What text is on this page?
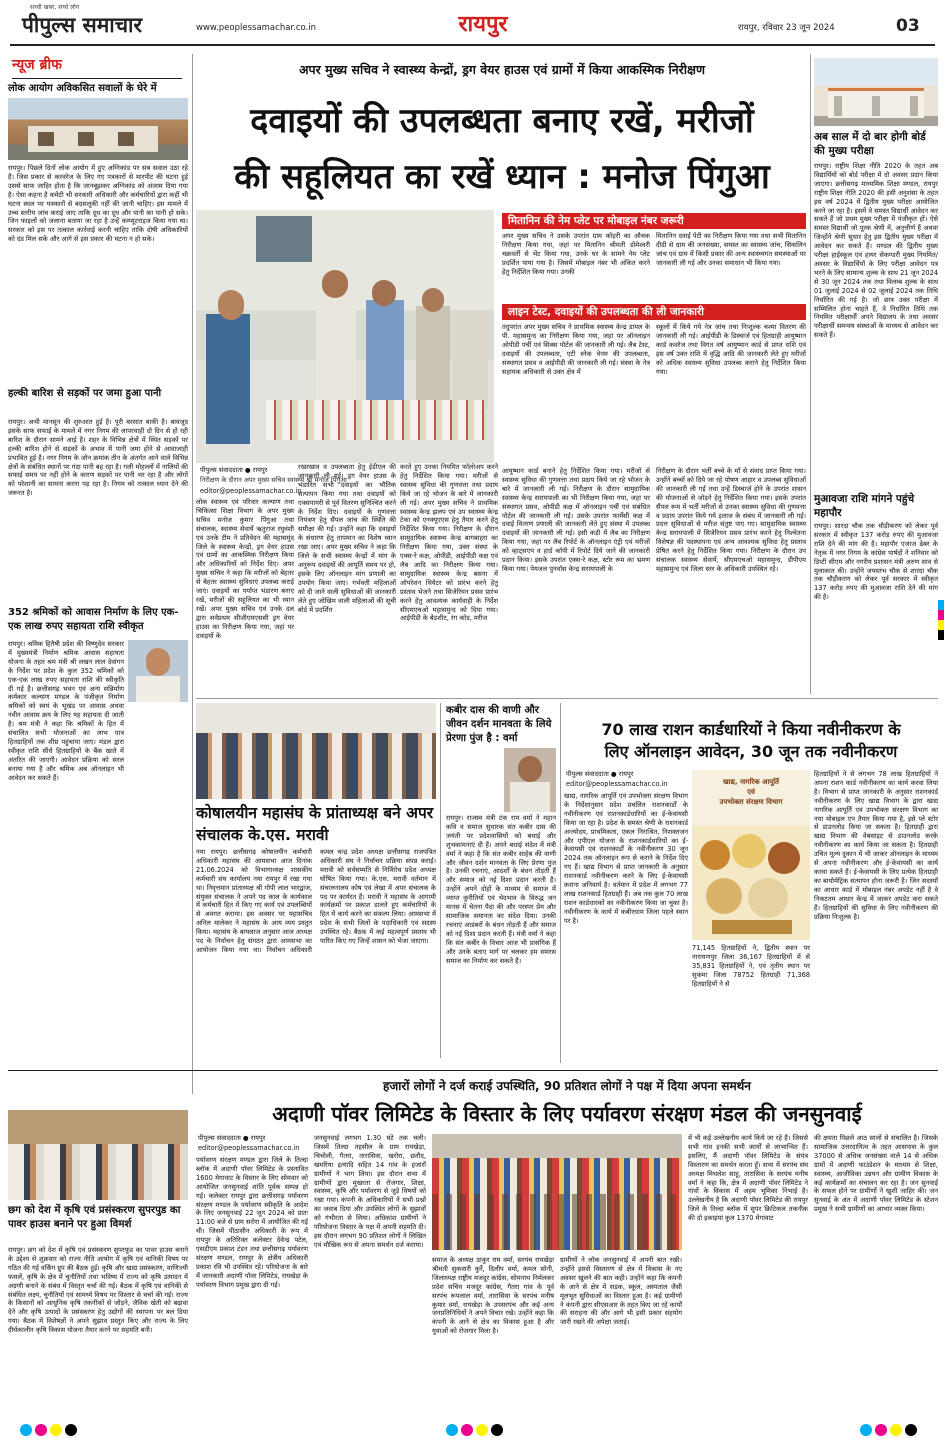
सच्ची खबर, सच्चे लोग
पीपुल्स समाचार	www.peoplessamachar.co.in	रायपुर	रायपुर, रविवार 23 जून 2024	03
न्यूज ब्रीफ
लोक आयोग अविकसित सवालों के घेरे में
रायपुर। पिछले दिनों लोक आयोग में हुए अग्निकांड पर सब सवाल उठा रहे हैं। जिस प्रकार से करवरेज के लिए गए पत्रकारों से मारपीट की घटना हुई उससे साफ जाहिर होता है कि जानबूझकर अग्निकांड को अंजाम दिया गया है। ऐसा कहना है कमेटी भी सरकारी अधिकारी और कर्मचारियों द्वारा कहीं भी घटना स्थल पर पत्रकारों से बदसलूकी नहीं की जानी चाहिए। इस मामले में उच्च स्तरीय जांच कराई जाए ताकि दूध का दूध और पानी का पानी हो सके। जिन फाइलों को जलाना बताया जा रहा है उन्हें कम्प्यूटराइज किया गया था। सरकार को इस पर तत्काल कार्रवाई करनी चाहिए ताकि दोषी अधिकारियों को दंड मिल सके और आगे से इस प्रकार की घटना न हो सके।
हल्की बारिश से सड़कों पर जमा हुआ पानी
रायपुर। अभी मानसून की शुरुआत हुई है। पूरी बरसात बाकी है। बावजूद इसके साफ सफाई के मामले में नगर निगम की लापरवाही दो दिन से हो रही बारिश के दौरान सामने आई है। शहर के विभिन्न क्षेत्रों में स्थित सड़कों पर हल्की बारिश होने से सड़कों के अभाव में पानी जमा होने से आवाजाही प्रभावित हुई है। नगर निगम के जोन क्रमांक तीन के अंतर्गत आने वाले विभिन्न क्षेत्रों के संबंधित स्थानों पर गंदा पानी बह रहा है। गली मोहल्लों में नालियों की सफाई समय पर नहीं होने के कारण सड़कों पर पानी भर रहा है और लोगों को परेशानी का सामना करना पड़ रहा है। निगम को तत्काल ध्यान देने की जरूरत है।
352 श्रमिकों को आवास निर्माण के लिए एक-एक लाख रुपए सहायता राशि स्वीकृत
रायपुर। श्रमिक हितैषी प्रदेश की विष्णुदेव सरकार में मुख्यमंत्री निर्माण श्रमिक आवास सहायता योजना के तहत श्रम मंत्री श्री लखन लाल देवांगन के निर्देश पर प्रदेश के कुल 352 श्रमिकों को एक-एक लाख रुपए सहायता राशि की स्वीकृति दी गई है। छत्तीसगढ़ भवन एवं अन्य सन्निर्माण कर्मकार कल्याण मण्डल के पंजीकृत निर्माण श्रमिकों को स्वयं के भूखंड पर आवास अथवा नवीन आवास क्रय के लिए यह सहायता दी जाती है। श्रम मंत्री ने कहा कि श्रमिकों के हित में संचालित सभी योजनाओं का लाभ पात्र हितग्राहियों तक शीघ्र पहुंचाया जाए। मंडल द्वारा स्वीकृत राशि सीधे हितग्राहियों के बैंक खाते में अंतरित की जाएगी। आवेदन प्रक्रिया को सरल बनाया गया है और श्रमिक अब ऑनलाइन भी आवेदन कर सकते हैं।
अपर मुख्य सचिव ने स्वास्थ्य केन्द्रों, ड्रग वेयर हाउस एवं ग्रामों में किया आकस्मिक निरीक्षण
दवाइयों की उपलब्धता बनाए रखें, मरीजों
की सहूलियत का रखें ध्यान : मनोज पिंगुआ
पीपुल्स संवाददाता ● रायपुर
निरीक्षण के दौरान अपर मुख्य सचिव स्वास्थ्य श्री मनोज पिंगुआ
editor@peoplessamachar.co.in
मितानिन की नेम प्लेट पर मोबाइल नंबर जरूरी
अपर मुख्य सचिव ने उसके उपरांत ग्राम कोहरी का औचक निरीक्षण किया गया, जहां पर मितानिन श्रीमती डोमेश्वरी चक्रवर्ती से भेंट किया गया, उनके घर के सामने नेम प्लेट प्रदर्शित पाया गया है। जिसमें मोबाइल नंबर भी अंकित करने हेतु निर्देशित किया गया। उनकी
मितानिन दवाई पेटी का निरीक्षण किया गया तथा सभी मितानिन दीदी से ग्राम की जनसंख्या, समस्त का स्वास्थ्य जांच, सिकलिन जांच एवं ग्राम में किसी प्रकार की अन्य स्वास्थ्यगत समस्याओं पर जानकारी ली गई और उनका समाधान भी किया गया।
लाइन टेस्ट, दवाइयों की उपलब्धता की ली जानकारी
तदुपरांत अपर मुख्य सचिव ने प्राथमिक स्वास्थ्य केन्द्र डायल के पी. महासमुन्द का निरीक्षण किया गया, जहां पर ऑनलाइन ओपीडी पर्ची एवं सिक्स पोर्टल की जानकारी ली गई। लैब टेस्ट, दवाइयों की उपलब्धता, एटी स्नेक वेनम की उपलब्धता, संस्थागत प्रसव व आईपीडी की जानकारी ली गई। संस्था के नेत्र सहायक अधिकारी से उक्त क्षेत्र में
स्कूलों में किये गये नेत्र जांच तथा निःशुल्क चश्मा वितरण की जानकारी ली गई। आईपीडी के डिस्चार्ज एवं हितग्राही आयुष्मान कार्ड कवरेज तथा विगत वर्ष आयुष्मान कार्ड से प्राप्त राशि एवं इस वर्ष उक्त राशि में वृद्धि आदि की जानकारी लेते हुए मरीजों को अधिक स्वास्थ्य सुविधा उपलब्ध कराने हेतु निर्देशित किया गया।
लोक स्वास्थ्य एवं परिवार कल्याण तथा चिकित्सा शिक्षा विभाग के अपर मुख्य सचिव मनोज कुमार पिंगुआ तथा संचालक, स्वास्थ्य सेवायें ऋतुराज रघुवंशी एवं उनके टीम ने प्रतिवेदन की महासमुंद जिले के स्वास्थ्य केन्द्रों, ड्रग वेयर हाउस एवं ग्रामों का आकस्मिक निरीक्षण किया और अधिकारियों को निर्देश दिए। अपर मुख्य सचिव ने कहा कि मरीजों को बेहतर से बेहतर स्वास्थ्य सुविधाएं उपलब्ध कराई जाएं। दवाइयों का पर्याप्त भंडारण बनाए रखें, मरीजों की सहूलियत का भी ध्यान रखें। अपर मुख्य सचिव एवं उनके दल द्वारा सर्वप्रथम सीजीएमएससी ड्रग वेयर हाउस का निरीक्षण किया गया, जहां पर दवाइयों के
रखरखाव व उपलब्धता हेतु ईडीएल की जानकारी ली गई। ड्रग वेयर हाउस के भंडारित सभी दवाइयों का भौतिक सत्यापन किया गया तथा दवाइयों को एक्सपायरी से पूर्व वितरण सुनिश्चित करने के निर्देश दिए। दवाइयों के गुणवत्ता नियंत्रण हेतु सैंपल जांच की स्थिति की समीक्षा की गई। उन्होंने कहा कि दवाइयों के संधारण हेतु तापमान का विशेष ध्यान रखा जाए। अपर मुख्य सचिव ने कहा कि जिले के सभी स्वास्थ्य केन्द्रों में मांग के अनुरूप दवाइयों की आपूर्ति समय पर हो, इसके लिए ऑनलाइन मांग प्रणाली का उपयोग किया जाए। गर्भवती महिलाओं को दी जाने वाली सुविधाओं की जानकारी लेते हुए जोखिम वाली महिलाओं की सूची बोर्ड में प्रदर्शित
करते हुए उनका नियमित फॉलोअप करने हेतु निर्देशित किया गया। मरीजों से स्वास्थ्य सुविधा की गुणवत्ता तथा प्रदाय किये जा रहे भोजन के बारे में जानकारी ली गई। अपर मुख्य सचिव ने प्राथमिक स्वास्थ्य केन्द्र झलप एवं उप स्वास्थ्य केन्द्र टेका को एनक्यूएएस हेतु तैयार करने हेतु निर्देशित किया गया। निरीक्षण के दौरान सामुदायिक स्वास्थ्य केन्द्र बागबाहरा का निरीक्षण किया गया, उक्त संस्था के एक्स-रे कक्ष, ओपीडी, आईपीडी कक्ष एवं लैब आदि का निरीक्षण किया गया। सामुदायिक स्वास्थ्य केन्द्र बसना में ऑपरेशन थियेटर को प्रारंभ करने हेतु प्रस्ताव भेजने तथा सिजेरियन प्रसव प्रारंभ करने हेतु आवश्यक कार्यवाही के निर्देश सीएमएचओ महासमुन्द को दिया गया। आईपीडी के बेडशीट, रंग कोड, मरीज
आयुष्मान कार्ड बनाने हेतु निर्देशित किया गया। मरीजों से स्वास्थ्य सुविधा की गुणवत्ता तथा प्रदाय किये जा रहे भोजन के बारे में जानकारी ली गई। निरीक्षण के दौरान सामुदायिक स्वास्थ्य केन्द्र सरायपाली का भी निरीक्षण किया गया, जहां पर संस्थागत प्रसव, ओपीडी कक्ष में ऑनलाइन पर्ची एवं संबंधित पोर्टल की जानकारी ली गई। उसके उपरांत फार्मेसी कक्ष में दवाई वितरण प्रणाली की जानकारी लेते हुए संस्था में उपलब्ध दवाइयों की जानकारी ली गई। इसी कड़ी में लैब का निरीक्षण किया गया, जहां पर लैब रिपोर्ट के ऑनलाइन एंट्री एवं मरीजों को व्हाट्सएप व हार्ड कॉपी में रिपोर्ट दिये जाने की जानकारी प्रदान किया। इसके उपरांत एक्स-रे कक्ष, स्टोर रूम का भ्रमण किया गया। पेयजल पुनर्वास केन्द्र सरायपाली के
निरीक्षण के दौरान भर्ती बच्चे के माँ से संवाद प्राप्त किया गया। उन्होंने बच्चों को दिये जा रहे पोषण आहार व उपलब्ध सुविधाओं की जानकारी ली गई तथा उन्हें डिस्चार्ज होने के उपरांत शासन की योजनाओं से जोड़ने हेतु निर्देशित किया गया। इसके उपरांत सैंपल रूम में भर्ती मरीजों से उनका स्वास्थ्य सुविधा की गुणवत्ता व प्रदाय उपरांत किये गये इलाज के संबंध में जानकारी ली गई। प्रदत्त सुविधाओं से मरीज संतुष्ट पाए गए। सामुदायिक स्वास्थ्य केन्द्र सरायपाली में सिजेरियन प्रसव प्रारंभ करने हेतु निश्चेतना विशेषज्ञ की पदस्थापना एवं अन्य आवश्यक सुविधा हेतु प्रस्ताव प्रेषित करने हेतु निर्देशित किया गया। निरीक्षण के दौरान उप संचालक स्वास्थ्य सेवायें, सीएमएचओ महासमुन्द, डीपीएम महासमुन्द एवं जिला स्तर के अधिकारी उपस्थित रहे।
अब साल में दो बार होगी बोर्ड की मुख्य परीक्षा
रायपुर। राष्ट्रीय शिक्षा नीति 2020 के तहत अब विद्यार्थियों को बोर्ड परीक्षा में दो अवसर प्रदान किया जाएगा। छत्तीसगढ़ माध्यमिक शिक्षा मण्डल, रायपुर राष्ट्रीय शिक्षा नीति 2020 की इसी अनुशंसा के तहत इस वर्ष 2024 में द्वितीय मुख्य परीक्षा आयोजित करने जा रहा है। इसमें वे समस्त विद्यार्थी आवेदन कर सकते हैं जो प्रथम मुख्य परीक्षा में पंजीकृत हों। ऐसे समस्त विद्यार्थी जो पूरक श्रेणी में, अनुत्तीर्ण हैं अथवा जिन्होंने श्रेणी सुधार हेतु इस द्वितीय मुख्य परीक्षा में आवेदन कर सकते हैं। मण्डल की द्वितीय मुख्य परीक्षा हाईस्कूल एवं हायर सेकण्डरी मुख्य नियमित/अवसर के विद्यार्थियों के लिए परीक्षा आवेदन पत्र भरने के लिए सामान्य शुल्क के साथ 21 जून 2024 से 30 जून 2024 तक तथा विलम्ब शुल्क के साथ 01 जुलाई 2024 से 02 जुलाई 2024 तक तिथि निर्धारित की गई है। जो छात्र उक्त परीक्षा में सम्मिलित होना चाहते हैं, वे निर्धारित तिथि तक नियमित परीक्षार्थी अपने विद्यालय के तथा अवसर परीक्षार्थी समन्वय संस्थाओं के माध्यम से आवेदन कर सकते हैं।
मुआवजा राशि मांगने पहुंचे महापौर
रायपुर। शारदा चौक तक चौड़ीकरण को लेकर पूर्व सरकार में स्वीकृत 137 करोड़ रुपए की मुआवजा राशि देने की मांग की है। महापौर एजाज ढेबर के नेतृत्व में नगर निगम के कांग्रेस पार्षदों ने शनिवार को डिप्टी सीएम और नगरीय प्रशासन मंत्री अरुण साव से मुलाकात की। उन्होंने जयस्तंभ चौक से शारदा चौक तक चौड़ीकरण को लेकर पूर्व सरकार में स्वीकृत 137 करोड़ रुपए की मुआवजा राशि देने की मांग की है।
कोषालयीन महासंघ के प्रांताध्यक्ष बने अपर संचालक के.एस. मरावी
नया रायपुर। छत्तीसगढ़ कोषालयीन कर्मचारी अधिकारी महासंघ की आमसभा आज दिनांक 21.06.2024 को विभागाध्यक्ष शासकीय कर्मचारी संघ कार्यालय नया रायपुर में रखा गया था। निवृत्तमान प्रांताध्यक्ष श्री गोपी लाल भारद्वाज, संयुक्त संचालक ने अपने पद काल के कार्यकाल में कर्मचारी हित में किए गए कार्य एवं उपलब्धियों से अवगत कराया। इस अवसर पर महासचिव अनिल मालेकर ने महासंघ के आय व्यय प्रस्तुत किया। महासंघ के बायलाज अनुसार आज अध्यक्ष पद के निर्वाचन हेतु संगठन द्वारा आमसभा का आयोजन किया गया था। निर्वाचन अधिकारी कमल चन्द्र प्रदेश अध्यक्ष छत्तीसगढ़ राजपत्रित अधिकारी संघ ने निर्वाचन प्रक्रिया संपन्न कराई। मरावी को सर्वसम्मति से निर्विरोध प्रदेश अध्यक्ष घोषित किया गया। के.एस. मरावी वर्तमान में संचालनालय कोष एवं लेखा में अपर संचालक के पद पर कार्यरत हैं। मरावी ने महासंघ के आगामी कार्यक्रमों पर प्रकाश डालते हुए कर्मचारियों के हित में कार्य करने का संकल्प लिया। आमसभा में प्रदेश के सभी जिलों के पदाधिकारी एवं सदस्य उपस्थित रहे। बैठक में कई महत्वपूर्ण प्रस्ताव भी पारित किए गए जिन्हें शासन को भेजा जाएगा।
कबीर दास की वाणी और जीवन दर्शन मानवता के लिये प्रेरणा पुंज है : वर्मा
रायपुर। राजस्व मंत्री टंक राम वर्मा ने महान कवि व समाज सुधारक संत कबीर दास की जयंती पर प्रदेशवासियों को बधाई और शुभकामनाएं दी हैं। अपने बधाई संदेश में मंत्री वर्मा ने कहा है कि संत कबीर साहेब की वाणी और जीवन दर्शन मानवता के लिए प्रेरणा पुंज है। उनकी रचनाएं, आदर्शों के बंधन तोड़ती हैं और समाज को नई दिशा प्रदान करती हैं। उन्होंने अपने दोहों के माध्यम से समाज में व्याप्त कुरीतियों एवं भेदभाव के विरुद्ध जन मानस में चेतना पैदा की और परस्पर प्रेम और सामाजिक समानता का संदेश दिया। उनकी रचनाएं आडंबरों के बंधन तोड़ती हैं और समाज को नई दिशा प्रदान करती हैं। मंत्री वर्मा ने कहा कि संत कबीर के विचार आज भी प्रासंगिक हैं और उनके बताए मार्ग पर चलकर हम समरस समाज का निर्माण कर सकते हैं।
70 लाख राशन कार्डधारियों ने किया नवीनीकरण के
लिए ऑनलाइन आवेदन, 30 जून तक नवीनीकरण
पीपुल्स संवाददाता ● रायपुर
editor@peoplessamachar.co.in
खाद्य, नागरिक आपूर्ति एवं उपभोक्ता संरक्षण विभाग के निर्देशानुसार प्रदेश प्रचलित राशनकार्डों के नवीनीकरण एवं राशनकार्डधारियों का ई-केवायसी किया जा रहा है। प्रदेश के समस्त श्रेणी के राशनकार्ड अन्त्योदय, प्राथमिकता, एकल निराश्रित, निशक्तजन और एपीएल योजना के राशनकार्डधारियों का ई-केवायसी एवं राशनकार्डों के नवीनीकरण 30 जून 2024 तक ऑनलाइन रूप से कराने के निर्देश दिए गए हैं। खाद्य विभाग से प्राप्त जानकारी के अनुसार राशनकार्ड नवीनीकरण करने के लिए ई-केवायसी कराना अनिवार्य है। वर्तमान में प्रदेश में लगभग 77 लाख राशनकार्ड हितग्राही हैं। अब तक कुल 70 लाख राशन कार्डधारकों का नवीनीकरण किया जा चुका है। नवीनीकरण के कार्य में कबीरधाम जिला पहले स्थान पर है।
खाद्य, नागरिक आपूर्ति
एवं
उपभोक्ता संरक्षण विभाग
71,145 हितग्राहियों ने, द्वितीय स्थान पर नारायणपुर जिला 36,167 हितग्राहियों में से 35,831 हितग्राहियों ने, एवं तृतीय स्थान पर सुकमा जिला 78752 हितग्राही 71,368 हितग्राहियों ने से
हितग्राहियों ने से लगभग 78 लाख हितग्राहियों ने अपना राशन कार्ड नवीनीकरण का कार्य करवा लिया है। विभाग से प्राप्त जानकारी के अनुसार राशनकार्ड नवीनीकरण के लिए खाद्य विभाग के द्वारा खाद्य नागरिक आपूर्ति एवं उपभोक्ता संरक्षण विभाग का नया मोबाइल एप तैयार किया गया है, इसे प्ले स्टोर से डाउनलोड किया जा सकता है। हितग्राही द्वारा खाद्य विभाग की वेबसाइट से डाउनलोड करके नवीनीकरण का कार्य किया जा सकता है। हितग्राही उचित मूल्य दुकान में भी जाकर ऑनलाइन के माध्यम से अपना नवीनीकरण और ई-केवायसी का कार्य करवा सकते हैं। ई-केवायसी के लिए प्रत्येक हितग्राही का बायोमेट्रिक सत्यापन होना जरूरी है। जिन सदस्यों का आधार कार्ड में मोबाइल नंबर अपडेट नहीं है वे निकटतम आधार केन्द्र में जाकर अपडेट करा सकते हैं। हितग्राहियों की सुविधा के लिए नवीनीकरण की प्रक्रिया निःशुल्क है।
हजारों लोगों ने दर्ज कराई उपस्थिति, 90 प्रतिशत लोगों ने पक्ष में दिया अपना समर्थन
अदाणी पॉवर लिमिटेड के विस्तार के लिए पर्यावरण संरक्षण मंडल की जनसुनवाई
छग को देश में कृषि एवं प्रसंस्करण सुपरपुड का पावर हाउस बनाने पर हुआ विमर्श
रायपुर। छग को देश में कृषि एवं प्रसंस्करण सुपरफूड का पावर हाउस बनाने के उद्देश्य से शुक्रवार को राज्य नीति आयोग में कृषि एवं वानिकी विषय पर गठित की गई वर्किंग ग्रुप की बैठक हुई। कृषि और खाद्य प्रसंस्करण, वाणिज्यी फसलें, कृषि के क्षेत्र में चुनौतियों तथा भविष्य में राज्य को कृषि उत्पादन में अग्रणी बनाने के संबंध में विस्तृत चर्चा की गई। बैठक में कृषि एवं वानिकी से संबंधित लक्ष्य, चुनौतियों एवं सामर्थ्य विषय पर विस्तार से चर्चा की गई। राज्य के किसानों को आधुनिक कृषि तकनीकों से जोड़ने, जैविक खेती को बढ़ावा देने और कृषि उत्पादों के प्रसंस्करण हेतु उद्योगों की स्थापना पर बल दिया गया। बैठक में विशेषज्ञों ने अपने सुझाव प्रस्तुत किए और राज्य के लिए दीर्घकालीन कृषि विकास योजना तैयार करने पर सहमति बनी।
पीपुल्स संवाददाता ● रायपुर
editor@peoplessamachar.co.in
पर्यावरण संरक्षण मण्डल द्वारा जिले के तिल्दा ब्लॉक में अदाणी पॉवर लिमिटेड के प्रस्तावित 1600 मेगावाट के विस्तार के लिए सोमवार को आयोजित जनसुनवाई शांति पूर्वक सम्पन्न हो गई। कलेक्टर रायपुर द्वारा छत्तीसगढ़ पर्यावरण संरक्षण मण्डल के पर्यावरण स्वीकृति के आदेश के लिए जनसुनवाई 22 जून 2024 को प्रातः 11:00 बजे से ग्राम सरोरा में आयोजित की गई थी। जिसमें पीठासीन अधिकारी के रूप में रायपुर के अतिरिक्त कलेक्टर देवेन्द्र पटेल, एसडीएम प्रकाश टंडन तथा छत्तीसगढ़ पर्यावरण संरक्षण मण्डल, रायपुर के क्षेत्रीय अधिकारी प्रकाश रवि भी उपस्थित रहे। परियोजना के बारे में जानकारी अदाणी पॉवर लिमिटेड, रायखेड़ा के पर्यावरण विभाग प्रमुख द्वारा दी गई।
जनसुनवाई लगभग 1.30 घंटे तक चली। जिसमें तिल्दा तहसील के ग्राम रायखेड़ा, चिचोली, गैतरा, तारासिवा, खरोरा, छतौद, खमरिया इत्यादि सहित 14 गांव के हजारों ग्रामीणों ने भाग लिया। इस दौरान सभा में ग्रामीणों द्वारा मुखरता से रोजगार, शिक्षा, स्वास्थ्य, कृषि और पर्यावरण से जुड़े विषयों को रखा गया। कंपनी के अधिकारियों ने सभी प्रश्नों का जवाब दिया और उपस्थित लोगों के सुझावों को गंभीरता से लिया। अधिकांश ग्रामीणों ने परियोजना विस्तार के पक्ष में अपनी सहमति दी। इस दौरान लगभग 90 प्रतिशत लोगों ने लिखित एवं मौखिक रूप से अपना समर्थन दर्ज कराया।
समाज के अध्यक्ष ठाकुर राम वर्मा, सरपंच रायखेड़ा श्रीमती सुकवारी कुर्रे, दिलीप वर्मा, कमल सोनी, जिलाध्यक्ष राष्ट्रीय मजदूर कांग्रेस, सोमनाथ निर्मलकर प्रदेश सचिव मजदूर कांग्रेस, गैतरा गांव के पूर्व सरपंच रूपलाल वर्मा, तारासिवा के सरपंच मनीष कुमार वर्मा, रायखेड़ा के उपसरपंच और कई अन्य जनप्रतिनिधियों ने अपने विचार रखे। उन्होंने कहा कि कंपनी के आने से क्षेत्र का विकास हुआ है और युवाओं को रोजगार मिला है।
ग्रामीणों ने लोक जनसुनवाई में अपनी बात रखी। उन्होंने इससे विस्तारण से क्षेत्र में विकास के नए अवसर खुलने की बात कही। उन्होंने कहा कि कंपनी के आने से क्षेत्र में सड़क, स्कूल, अस्पताल जैसी मूलभूत सुविधाओं का विस्तार हुआ है। कई ग्रामीणों ने कंपनी द्वारा सीएसआर के तहत किए जा रहे कार्यों की सराहना की और आगे भी इसी प्रकार सहयोग जारी रखने की अपेक्षा जताई।
में भी कई उल्लेखनीय कार्य किये जा रहे हैं। जिससे सभी गांव इनकी सभी कार्यों से लाभान्वित हैं। इसलिए, मैं अदाणी पॉवर लिमिटेड के संयंत्र विस्तारण का समर्थन करता हूँ। सभा में सरपंच संघ अध्यक्ष मिथलेश साहू, तारासिवा के सरपंच मनीष वर्मा ने कहा कि, क्षेत्र में अदाणी पॉवर लिमिटेड ने गांवों के विकास में अहम भूमिका निभाई है। उल्लेखनीय है कि अदाणी पॉवर लिमिटेड की रायपुर जिले के तिल्दा ब्लॉक में सुपर क्रिटिकल तकनीक की दो इकाइयां कुल 1370 मेगावाट
की क्षमता पिछले आठ सालों से संचालित है। जिसके सामाजिक उत्तरदायित्व के तहत आसपास के कुल 37000 से अधिक जनसंख्या वाले 14 से अधिक ग्रामों में अदाणी फाउंडेशन के माध्यम से शिक्षा, स्वास्थ्य, आजीविका उन्नयन और ग्रामीण विकास के कई कार्यक्रमों का संचालन कर रहा है। जन सुनवाई के सफल होने पर ग्रामीणों ने खुशी जाहिर की। जन सुनवाई के अंत में अदाणी पॉवर लिमिटेड के स्टेशन प्रमुख ने सभी ग्रामीणों का आभार व्यक्त किया।
